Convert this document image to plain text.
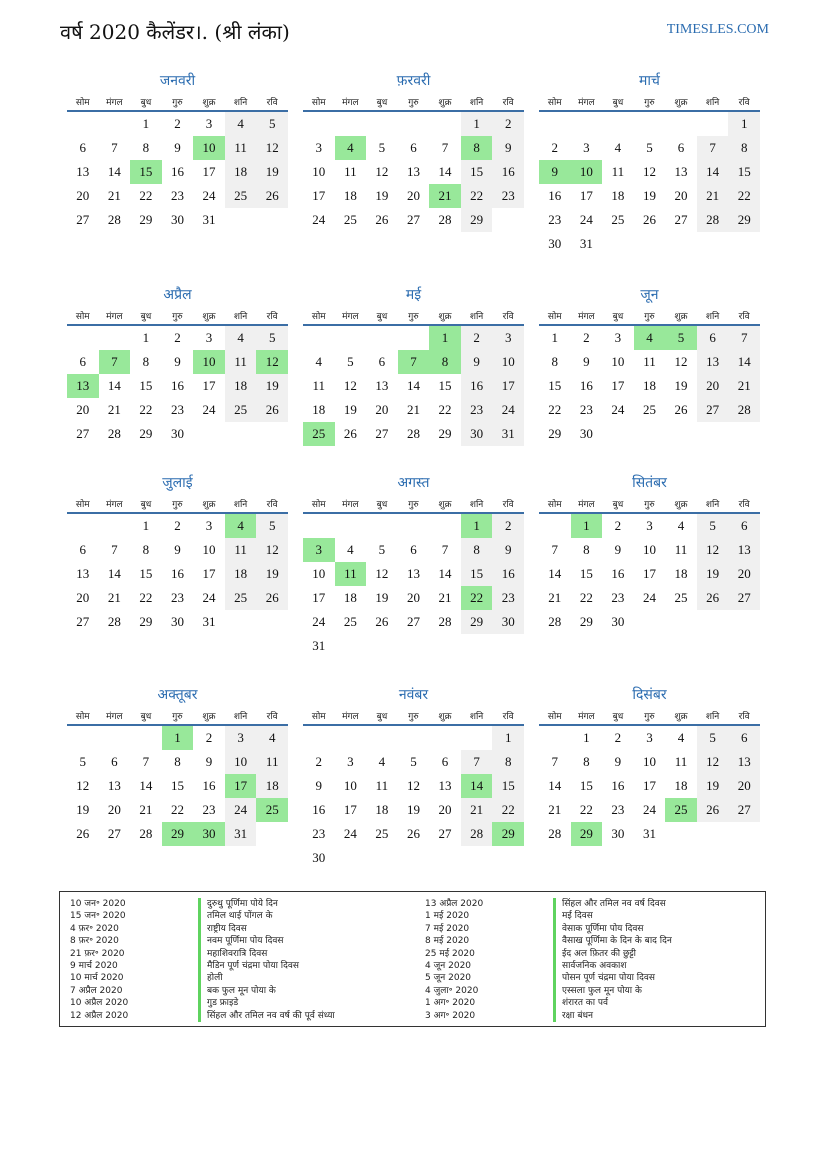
वर्ष 2020 कैलेंडर।. (श्री लंका)	TIMESLES.COM
जनवरी
सोम	मंगल	बुध	गुरु	शुक्र	शनि	रवि
		1	2	3	4	5
6	7	8	9	10	11	12
13	14	15	16	17	18	19
20	21	22	23	24	25	26
27	28	29	30	31		
फ़रवरी
सोम	मंगल	बुध	गुरु	शुक्र	शनि	रवि
					1	2
3	4	5	6	7	8	9
10	11	12	13	14	15	16
17	18	19	20	21	22	23
24	25	26	27	28	29	
मार्च
सोम	मंगल	बुध	गुरु	शुक्र	शनि	रवि
						1
2	3	4	5	6	7	8
9	10	11	12	13	14	15
16	17	18	19	20	21	22
23	24	25	26	27	28	29
30	31					
अप्रैल
सोम	मंगल	बुध	गुरु	शुक्र	शनि	रवि
		1	2	3	4	5
6	7	8	9	10	11	12
13	14	15	16	17	18	19
20	21	22	23	24	25	26
27	28	29	30			
मई
सोम	मंगल	बुध	गुरु	शुक्र	शनि	रवि
				1	2	3
4	5	6	7	8	9	10
11	12	13	14	15	16	17
18	19	20	21	22	23	24
25	26	27	28	29	30	31
जून
सोम	मंगल	बुध	गुरु	शुक्र	शनि	रवि
1	2	3	4	5	6	7
8	9	10	11	12	13	14
15	16	17	18	19	20	21
22	23	24	25	26	27	28
29	30					
जुलाई
सोम	मंगल	बुध	गुरु	शुक्र	शनि	रवि
		1	2	3	4	5
6	7	8	9	10	11	12
13	14	15	16	17	18	19
20	21	22	23	24	25	26
27	28	29	30	31		
अगस्त
सोम	मंगल	बुध	गुरु	शुक्र	शनि	रवि
					1	2
3	4	5	6	7	8	9
10	11	12	13	14	15	16
17	18	19	20	21	22	23
24	25	26	27	28	29	30
31						
सितंबर
सोम	मंगल	बुध	गुरु	शुक्र	शनि	रवि
	1	2	3	4	5	6
7	8	9	10	11	12	13
14	15	16	17	18	19	20
21	22	23	24	25	26	27
28	29	30				
अक्तूबर
सोम	मंगल	बुध	गुरु	शुक्र	शनि	रवि
			1	2	3	4
5	6	7	8	9	10	11
12	13	14	15	16	17	18
19	20	21	22	23	24	25
26	27	28	29	30	31	
नवंबर
सोम	मंगल	बुध	गुरु	शुक्र	शनि	रवि
						1
2	3	4	5	6	7	8
9	10	11	12	13	14	15
16	17	18	19	20	21	22
23	24	25	26	27	28	29
30						
दिसंबर
सोम	मंगल	बुध	गुरु	शुक्र	शनि	रवि
	1	2	3	4	5	6
7	8	9	10	11	12	13
14	15	16	17	18	19	20
21	22	23	24	25	26	27
28	29	30	31			
10 जन॰ 2020	दुरुथु पूर्णिमा पोये दिन
15 जन॰ 2020	तमिल थाई पोंगल के
4 फ़र॰ 2020	राष्ट्रीय दिवस
8 फ़र॰ 2020	नवम पूर्णिमा पोय दिवस
21 फ़र॰ 2020	महाशिवरात्रि दिवस
9 मार्च 2020	मैडिन पूर्ण चंद्रमा पोया दिवस
10 मार्च 2020	होली
7 अप्रैल 2020	बक फुल मून पोया के
10 अप्रैल 2020	गुड फ्राइडे
12 अप्रैल 2020	सिंहल और तमिल नव वर्ष की पूर्व संध्या
13 अप्रैल 2020	सिंहल और तमिल नव वर्ष दिवस
1 मई 2020	मई दिवस
7 मई 2020	वेसाक पूर्णिमा पोय दिवस
8 मई 2020	वैसाख पूर्णिमा के दिन के बाद दिन
25 मई 2020	ईद अल फ़ितर की छुट्टी
4 जून 2020	सार्वजनिक अवकाश
5 जून 2020	पोसन पूर्ण चंद्रमा पोया दिवस
4 जुला॰ 2020	एस्सला फुल मून पोया के
1 अग॰ 2020	शंरारत का पर्व
3 अग॰ 2020	रक्षा बंधन
